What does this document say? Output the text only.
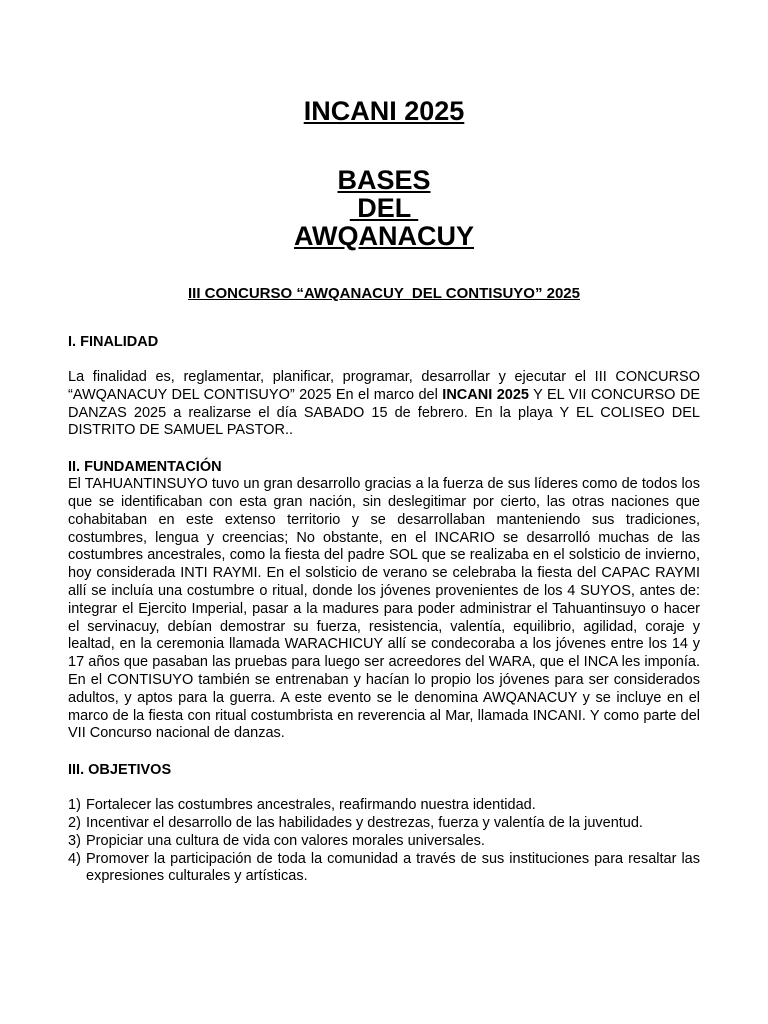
INCANI 2025
BASES
DEL
AWQANACUY
III CONCURSO “AWQANACUY  DEL CONTISUYO” 2025

I. FINALIDAD

La finalidad es, reglamentar, planificar, programar, desarrollar y ejecutar el III CONCURSO “AWQANACUY DEL CONTISUYO” 2025 En el marco del INCANI 2025 Y EL VII CONCURSO DE DANZAS 2025 a realizarse el día SABADO 15 de febrero. En la playa Y EL COLISEO DEL DISTRITO DE SAMUEL PASTOR..

II. FUNDAMENTACIÓN

El TAHUANTINSUYO tuvo un gran desarrollo gracias a la fuerza de sus líderes como de todos los que se identificaban con esta gran nación, sin deslegitimar por cierto, las otras naciones que cohabitaban en este extenso territorio y se desarrollaban manteniendo sus tradiciones, costumbres, lengua y creencias; No obstante, en el INCARIO se desarrolló muchas de las costumbres ancestrales, como la fiesta del padre SOL que se realizaba en el solsticio de invierno, hoy considerada INTI RAYMI. En el solsticio de verano se celebraba la fiesta del CAPAC RAYMI allí se incluía una costumbre o ritual, donde los jóvenes provenientes de los 4 SUYOS, antes de: integrar el Ejercito Imperial, pasar a la madures para poder administrar el Tahuantinsuyo o hacer el servinacuy, debían demostrar su fuerza, resistencia, valentía, equilibrio, agilidad, coraje y lealtad, en la ceremonia llamada WARACHICUY allí se condecoraba a los jóvenes entre los 14 y 17 años que pasaban las pruebas para luego ser acreedores del WARA, que el INCA les imponía. En el CONTISUYO también se entrenaban y hacían lo propio los jóvenes para ser considerados adultos, y aptos para la guerra. A este evento se le denomina AWQANACUY y se incluye en el marco de la fiesta con ritual costumbrista en reverencia al Mar, llamada INCANI. Y como parte del VII Concurso nacional de danzas.

III. OBJETIVOS

1) Fortalecer las costumbres ancestrales, reafirmando nuestra identidad.
2) Incentivar el desarrollo de las habilidades y destrezas, fuerza y valentía de la juventud.
3) Propiciar una cultura de vida con valores morales universales.
4) Promover la participación de toda la comunidad a través de sus instituciones para resaltar las expresiones culturales y artísticas.
